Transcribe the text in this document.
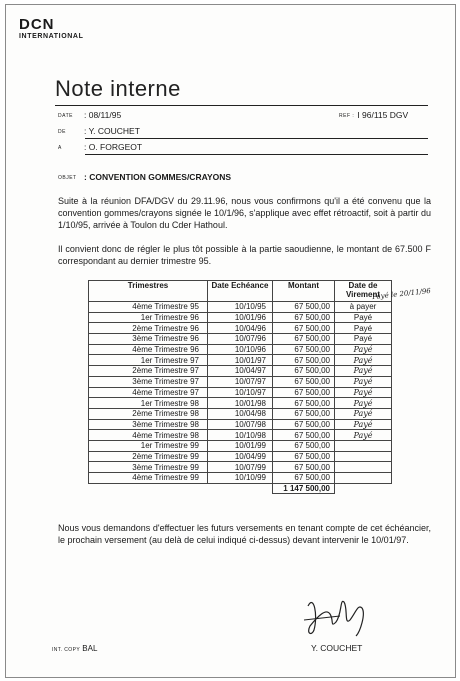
DCN
INTERNATIONAL
Note interne
DATE : 08/11/95	REF : I 96/115 DGV
DE : Y. COUCHET
A	: O. FORGEOT
OBJET : CONVENTION GOMMES/CRAYONS
Suite à la réunion DFA/DGV du 29.11.96, nous vous confirmons qu'il a été convenu que la convention gommes/crayons signée le 10/1/96, s'applique avec effet rétroactif, soit à partir du 1/10/95, arrivée à Toulon du Cder Hathoul.
Il convient donc de régler le plus tôt possible à la partie saoudienne, le montant de 67.500 F correspondant au dernier trimestre 95.
Trimestres	Date Echéance	Montant	Date de Virement
4ème Trimestre 95	10/10/95	67 500,00	à payer
1er Trimestre 96	10/01/96	67 500,00	Payé
2ème Trimestre 96	10/04/96	67 500,00	Payé
3ème Trimestre 96	10/07/96	67 500,00	Payé
4ème Trimestre 96	10/10/96	67 500,00	Payé
1er Trimestre 97	10/01/97	67 500,00	Payé
2ème Trimestre 97	10/04/97	67 500,00	Payé
3ème Trimestre 97	10/07/97	67 500,00	Payé
4ème Trimestre 97	10/10/97	67 500,00	Payé
1er Trimestre 98	10/01/98	67 500,00	Payé
2ème Trimestre 98	10/04/98	67 500,00	Payé
3ème Trimestre 98	10/07/98	67 500,00	Payé
4ème Trimestre 98	10/10/98	67 500,00	Payé
1er Trimestre 99	10/01/99	67 500,00	
2ème Trimestre 99	10/04/99	67 500,00	
3ème Trimestre 99	10/07/99	67 500,00	
4ème Trimestre 99	10/10/99	67 500,00	
		1 147 500,00	
Payé le 20/11/96
Nous vous demandons d'effectuer les futurs versements en tenant compte de cet échéancier, le prochain versement (au delà de celui indiqué ci-dessus) devant intervenir le 10/01/97.
Y. COUCHET
INT. COPY BAL
